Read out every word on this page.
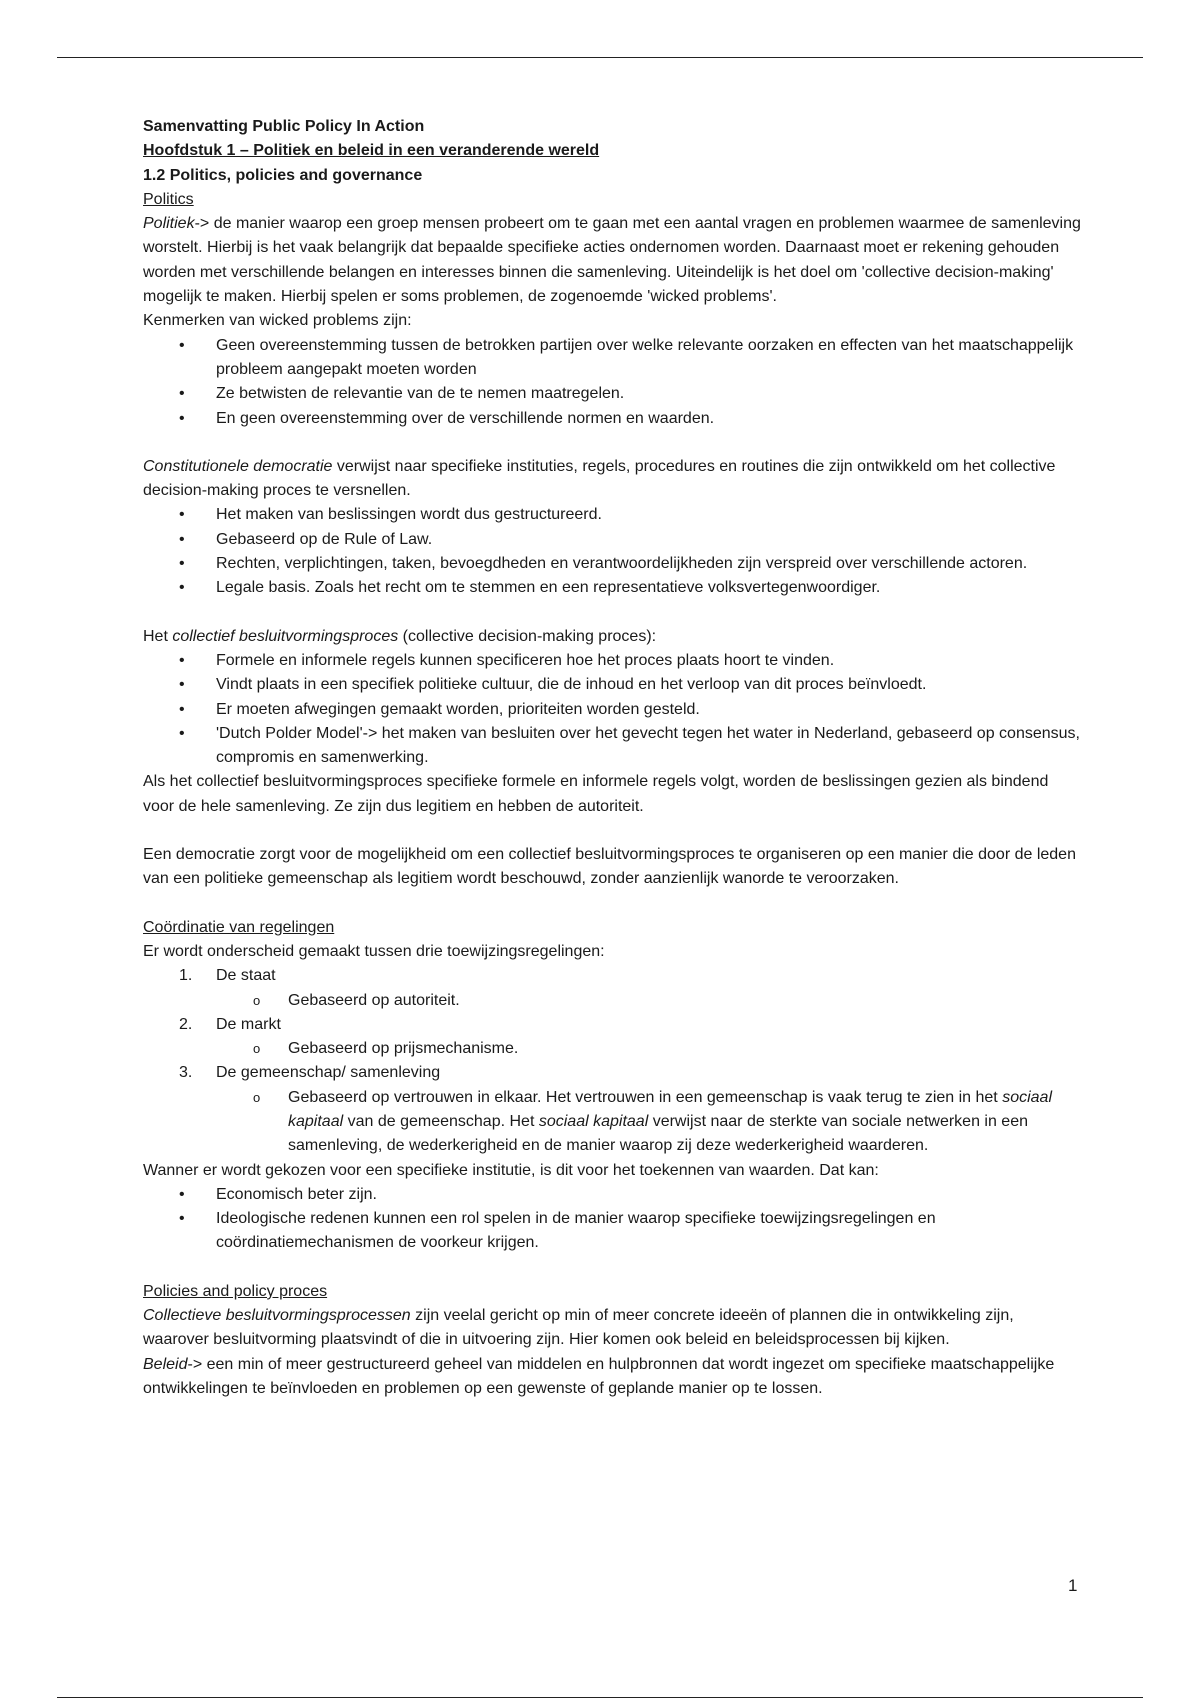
Samenvatting Public Policy In Action

Hoofdstuk 1 – Politiek en beleid in een veranderende wereld

1.2 Politics, policies and governance

Politics

Politiek-> de manier waarop een groep mensen probeert om te gaan met een aantal vragen en problemen waarmee de samenleving worstelt. Hierbij is het vaak belangrijk dat bepaalde specifieke acties ondernomen worden. Daarnaast moet er rekening gehouden worden met verschillende belangen en interesses binnen die samenleving. Uiteindelijk is het doel om 'collective decision-making' mogelijk te maken. Hierbij spelen er soms problemen, de zogenoemde 'wicked problems'.

Kenmerken van wicked problems zijn:

• Geen overeenstemming tussen de betrokken partijen over welke relevante oorzaken en effecten van het maatschappelijk probleem aangepakt moeten worden
• Ze betwisten de relevantie van de te nemen maatregelen.
• En geen overeenstemming over de verschillende normen en waarden.

Constitutionele democratie verwijst naar specifieke instituties, regels, procedures en routines die zijn ontwikkeld om het collective decision-making proces te versnellen.

• Het maken van beslissingen wordt dus gestructureerd.
• Gebaseerd op de Rule of Law.
• Rechten, verplichtingen, taken, bevoegdheden en verantwoordelijkheden zijn verspreid over verschillende actoren.
• Legale basis. Zoals het recht om te stemmen en een representatieve volksvertegenwoordiger.

Het collectief besluitvormingsproces (collective decision-making proces):

• Formele en informele regels kunnen specificeren hoe het proces plaats hoort te vinden.
• Vindt plaats in een specifiek politieke cultuur, die de inhoud en het verloop van dit proces beïnvloedt.
• Er moeten afwegingen gemaakt worden, prioriteiten worden gesteld.
• 'Dutch Polder Model'-> het maken van besluiten over het gevecht tegen het water in Nederland, gebaseerd op consensus, compromis en samenwerking.

Als het collectief besluitvormingsproces specifieke formele en informele regels volgt, worden de beslissingen gezien als bindend voor de hele samenleving. Ze zijn dus legitiem en hebben de autoriteit.

Een democratie zorgt voor de mogelijkheid om een collectief besluitvormingsproces te organiseren op een manier die door de leden van een politieke gemeenschap als legitiem wordt beschouwd, zonder aanzienlijk wanorde te veroorzaken.

Coördinatie van regelingen

Er wordt onderscheid gemaakt tussen drie toewijzingsregelingen:

1. De staat
o Gebaseerd op autoriteit.
2. De markt
o Gebaseerd op prijsmechanisme.
3. De gemeenschap/ samenleving
o Gebaseerd op vertrouwen in elkaar. Het vertrouwen in een gemeenschap is vaak terug te zien in het sociaal kapitaal van de gemeenschap. Het sociaal kapitaal verwijst naar de sterkte van sociale netwerken in een samenleving, de wederkerigheid en de manier waarop zij deze wederkerigheid waarderen.

Wanner er wordt gekozen voor een specifieke institutie, is dit voor het toekennen van waarden. Dat kan:

• Economisch beter zijn.
• Ideologische redenen kunnen een rol spelen in de manier waarop specifieke toewijzingsregelingen en coördinatiemechanismen de voorkeur krijgen.

Policies and policy proces

Collectieve besluitvormingsprocessen zijn veelal gericht op min of meer concrete ideeën of plannen die in ontwikkeling zijn, waarover besluitvorming plaatsvindt of die in uitvoering zijn. Hier komen ook beleid en beleidsprocessen bij kijken.

Beleid-> een min of meer gestructureerd geheel van middelen en hulpbronnen dat wordt ingezet om specifieke maatschappelijke ontwikkelingen te beïnvloeden en problemen op een gewenste of geplande manier op te lossen.

1
